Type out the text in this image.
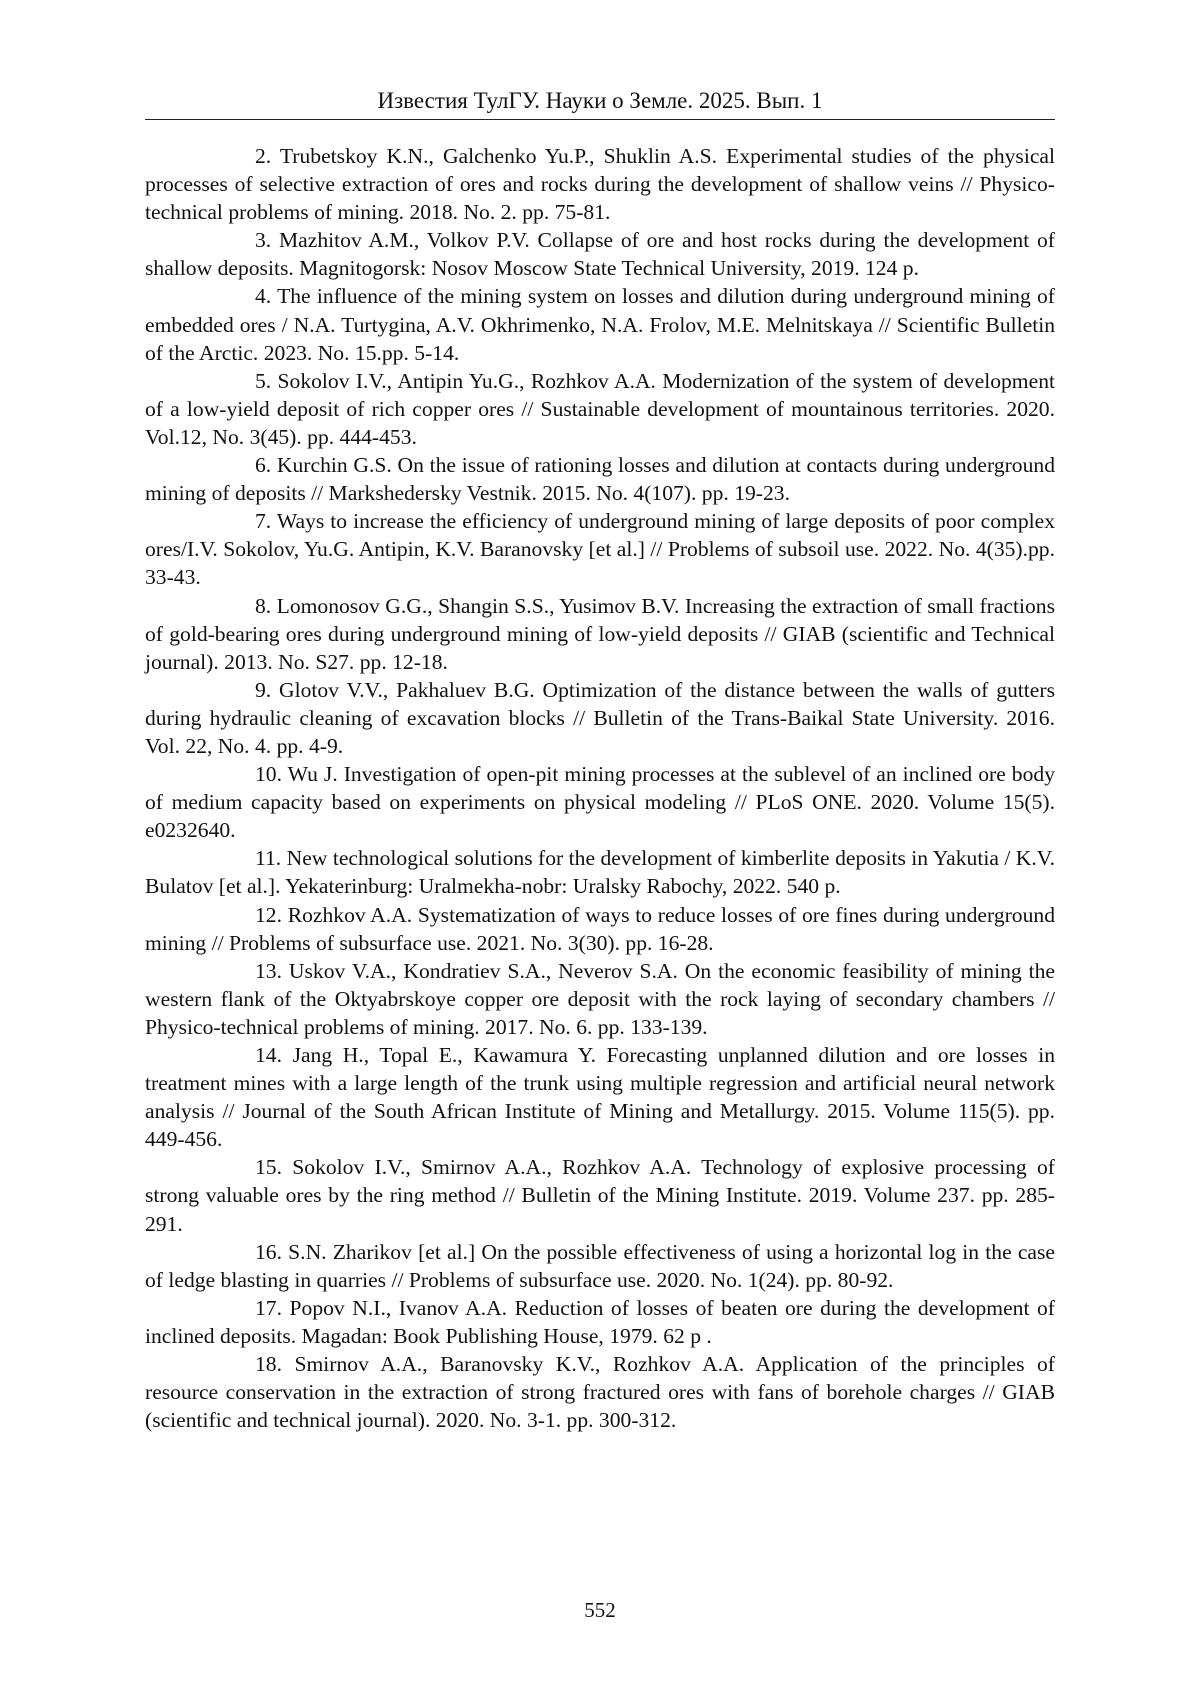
Известия ТулГУ. Науки о Земле. 2025. Вып. 1

2. Trubetskoy K.N., Galchenko Yu.P., Shuklin A.S. Experimental studies of the physical processes of selective extraction of ores and rocks during the development of shallow veins // Physico-technical problems of mining. 2018. No. 2. pp. 75-81.

3. Mazhitov A.M., Volkov P.V. Collapse of ore and host rocks during the development of shallow deposits. Magnitogorsk: Nosov Moscow State Technical University, 2019. 124 p.

4. The influence of the mining system on losses and dilution during underground mining of embedded ores / N.A. Turtygina, A.V. Okhrimenko, N.A. Frolov, M.E. Melnitskaya // Scientific Bulletin of the Arctic. 2023. No. 15.pp. 5-14.

5. Sokolov I.V., Antipin Yu.G., Rozhkov A.A. Modernization of the system of development of a low-yield deposit of rich copper ores // Sustainable development of mountainous territories. 2020. Vol.12, No. 3(45). pp. 444-453.

6. Kurchin G.S. On the issue of rationing losses and dilution at contacts during underground mining of deposits // Markshedersky Vestnik. 2015. No. 4(107). pp. 19-23.

7. Ways to increase the efficiency of underground mining of large deposits of poor complex ores/I.V. Sokolov, Yu.G. Antipin, K.V. Baranovsky [et al.] // Problems of subsoil use. 2022. No. 4(35).pp. 33-43.

8. Lomonosov G.G., Shangin S.S., Yusimov B.V. Increasing the extraction of small fractions of gold-bearing ores during underground mining of low-yield deposits // GIAB (scientific and Technical journal). 2013. No. S27. pp. 12-18.

9. Glotov V.V., Pakhaluev B.G. Optimization of the distance between the walls of gutters during hydraulic cleaning of excavation blocks // Bulletin of the Trans-Baikal State University. 2016. Vol. 22, No. 4. pp. 4-9.

10. Wu J. Investigation of open-pit mining processes at the sublevel of an inclined ore body of medium capacity based on experiments on physical modeling // PLoS ONE. 2020. Volume 15(5). e0232640.

11. New technological solutions for the development of kimberlite deposits in Yakutia / K.V. Bulatov [et al.]. Yekaterinburg: Uralmekha-nobr: Uralsky Rabochy, 2022. 540 p.

12. Rozhkov A.A. Systematization of ways to reduce losses of ore fines during underground mining // Problems of subsurface use. 2021. No. 3(30). pp. 16-28.

13. Uskov V.A., Kondratiev S.A., Neverov S.A. On the economic feasibility of mining the western flank of the Oktyabrskoye copper ore deposit with the rock laying of secondary chambers // Physico-technical problems of mining. 2017. No. 6. pp. 133-139.

14. Jang H., Topal E., Kawamura Y. Forecasting unplanned dilution and ore losses in treatment mines with a large length of the trunk using multiple regression and artificial neural network analysis // Journal of the South African Institute of Mining and Metallurgy. 2015. Volume 115(5). pp. 449-456.

15. Sokolov I.V., Smirnov A.A., Rozhkov A.A. Technology of explosive processing of strong valuable ores by the ring method // Bulletin of the Mining Institute. 2019. Volume 237. pp. 285-291.

16. S.N. Zharikov [et al.] On the possible effectiveness of using a horizontal log in the case of ledge blasting in quarries // Problems of subsurface use. 2020. No. 1(24). pp. 80-92.

17. Popov N.I., Ivanov A.A. Reduction of losses of beaten ore during the development of inclined deposits. Magadan: Book Publishing House, 1979. 62 p .

18. Smirnov A.A., Baranovsky K.V., Rozhkov A.A. Application of the principles of resource conservation in the extraction of strong fractured ores with fans of borehole charges // GIAB (scientific and technical journal). 2020. No. 3-1. pp. 300-312.

552
